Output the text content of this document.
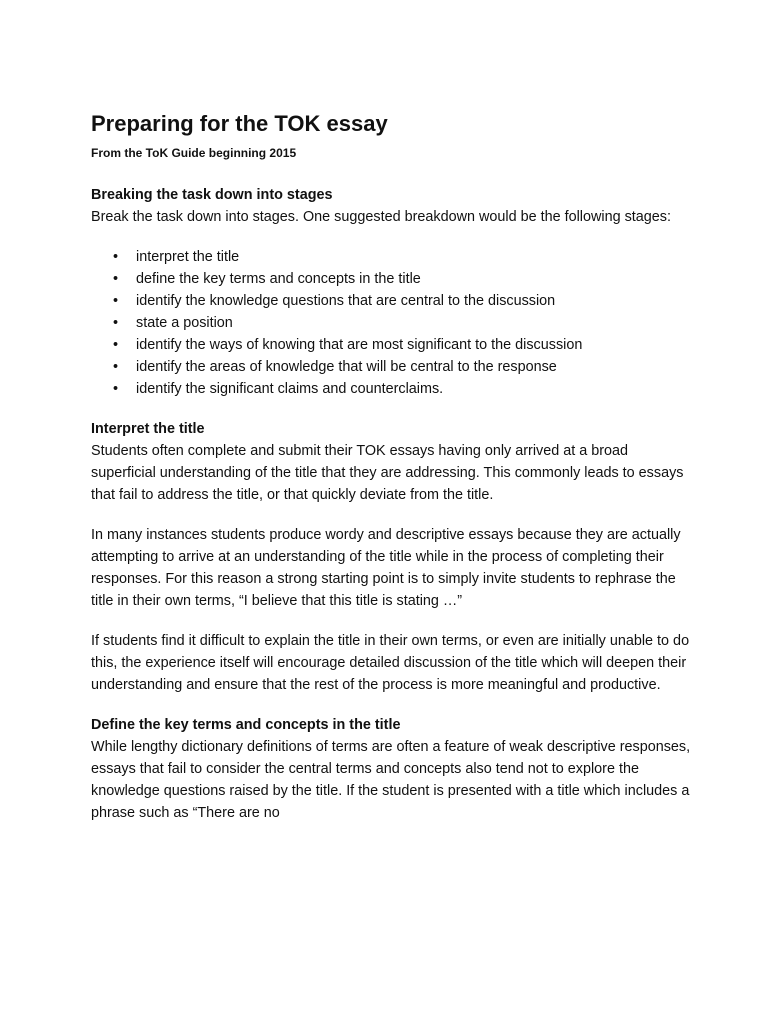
Preparing for the TOK essay

From the ToK Guide beginning 2015

Breaking the task down into stages

Break the task down into stages. One suggested breakdown would be the following stages:

• interpret the title
• define the key terms and concepts in the title
• identify the knowledge questions that are central to the discussion
• state a position
• identify the ways of knowing that are most significant to the discussion
• identify the areas of knowledge that will be central to the response
• identify the significant claims and counterclaims.
Interpret the title

Students often complete and submit their TOK essays having only arrived at a broad superficial understanding of the title that they are addressing. This commonly leads to essays that fail to address the title, or that quickly deviate from the title.

In many instances students produce wordy and descriptive essays because they are actually attempting to arrive at an understanding of the title while in the process of completing their responses. For this reason a strong starting point is to simply invite students to rephrase the title in their own terms, “I believe that this title is stating …”

If students find it difficult to explain the title in their own terms, or even are initially unable to do this, the experience itself will encourage detailed discussion of the title which will deepen their understanding and ensure that the rest of the process is more meaningful and productive.

Define the key terms and concepts in the title

While lengthy dictionary definitions of terms are often a feature of weak descriptive responses, essays that fail to consider the central terms and concepts also tend not to explore the knowledge questions raised by the title. If the student is presented with a title which includes a phrase such as “There are no
